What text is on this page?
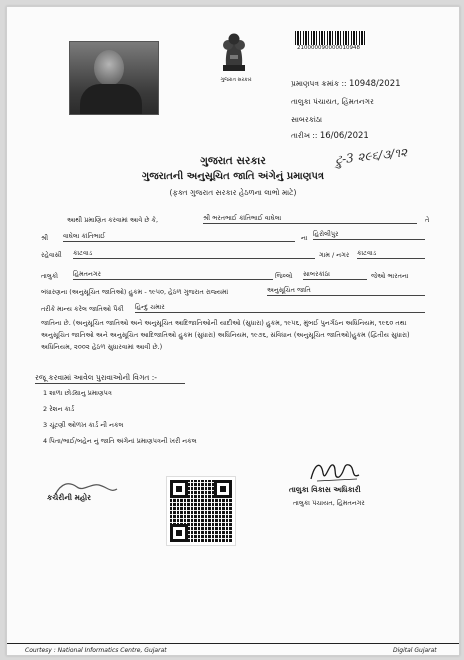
ગુજરાત સરકાર
210000090000010948
પ્રમાણપત્ર ક્રમાંક :: 10948/2021
તાલુકા પંચાયત, હિંમતનગર
સાબરકાંઠા
તારીખ :: 16/06/2021
ટ્રુ-3 ૨૯૬/૩/૧૨
ગુજરાત સરકાર
ગુજરાતની અનુસૂચિત જાતિ અંગેનું પ્રમાણપત્ર
(ફક્ત ગુજરાત સરકાર હેઠળના લાભો માટે)
આથી પ્રમાણિત કરવામાં આવે છે કે,	શ્રી ભરતભાઈ કાંતિભાઈ વાઘેલા	તે
શ્રી વાઘેલા કાંતિભાઈ	ના હિરોલીપુર
રહેવાસી કાટવાડ	ગામ / નગર કાટવાડ
તાલુકો હિંમતનગર	જિલ્લો સાબરકાંઠા	જેઓ ભારતના
બંધારણના (અનુસૂચિત જાતિઓ) હુકમ - ૧૯૫૦, હેઠળ ગુજરાત રાજ્યમાં	અનુસૂચિત જાતિ
તરીકે માન્ય કરેલ જાતિઓ પૈકી હિન્દુ ચમાર
જાતિના છે. (અનુસૂચિત જાતિઓ અને અનુસૂચિત આદિજાતિઓની યાદીઓ (સુધારા) હુકમ, ૧૯૫૬, મુંબઈ પુનર્ગઠન અધિનિયમ, ૧૯૬૦ તથા અનુસૂચિત જાતિઓ અને અનુસૂચિત આદિજાતિઓ હુકમ (સુધારા) અધિનિયમ, ૧૯૭૬, સંવિધાન (અનુસૂચિત જાતિઓ)હુકમ (દ્વિતીય સુધારા) અધિનિયમ, ૨૦૦૨ હેઠળ સુધારવામાં આવી છે.)
રજૂ કરવામાં આવેલ પુરાવાઓની વિગત :-
1 શાળા છોડ્યાનુ પ્રમાણપત્ર
2 રેશન કાર્ડ
3 ચૂંટણી ઓળખ કાર્ડ ની નકલ
4 પિતા/ભાઈ/બહેન નું જાતિ અંગેનાં પ્રમાણપત્રની ખરી નકલ
કચેરીની મહોર
તાલુકા વિકાસ અધિકારી
તાલુકા પંચાયત, હિંમતનગર
Courtesy : National Informatics Centre, Gujarat	Digital Gujarat
